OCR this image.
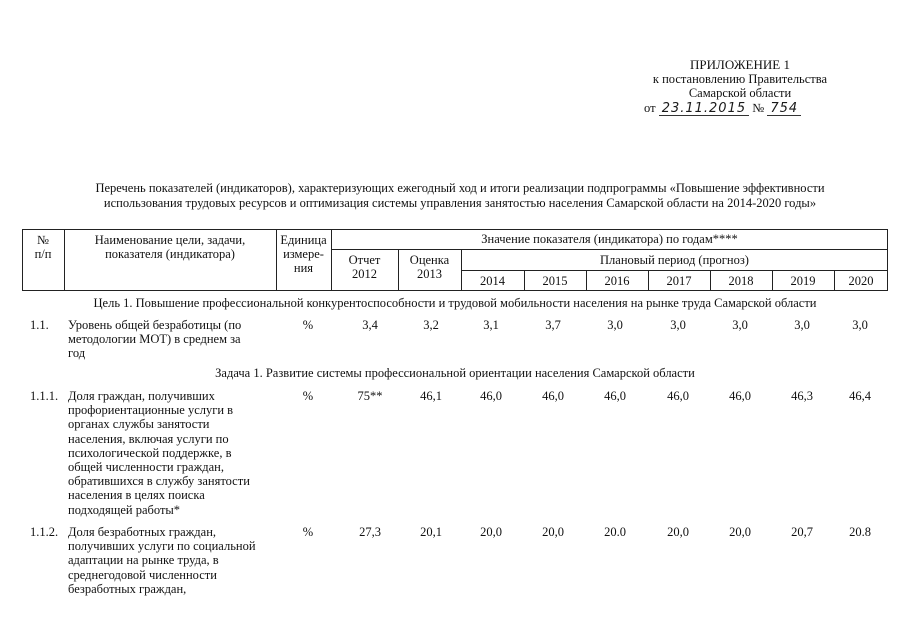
ПРИЛОЖЕНИЕ 1
к постановлению Правительства
Самарской области
от 23.11.2015 № 754
Перечень показателей (индикаторов), характеризующих ежегодный ход и итоги реализации подпрограммы «Повышение эффективности
использования трудовых ресурсов и оптимизация системы управления занятостью населения Самарской области на 2014-2020 годы»
№
п/п
Наименование цели, задачи,
показателя (индикатора)
Единица
измере-
ния
Значение показателя (индикатора) по годам****
Отчет
2012
Оценка
2013
Плановый период (прогноз)
2014	2015	2016	2017	2018	2019	2020
Цель 1. Повышение профессиональной конкурентоспособности и трудовой мобильности населения на рынке труда Самарской области
1.1. Уровень общей безработицы (по
методологии МОТ) в среднем за
год
%	3,4	3,2	3,1	3,7	3,0	3,0	3,0	3,0	3,0
Задача 1. Развитие системы профессиональной ориентации населения Самарской области
1.1.1. Доля граждан, получивших
профориентационные услуги в
органах службы занятости
населения, включая услуги по
психологической поддержке, в
общей численности граждан,
обратившихся в службу занятости
населения в целях поиска
подходящей работы*
%	75**	46,1	46,0	46,0	46,0	46,0	46,0	46,3	46,4
1.1.2. Доля безработных граждан,
получивших услуги по социальной
адаптации на рынке труда, в
среднегодовой численности
безработных граждан,
%	27,3	20,1	20,0	20,0	20.0	20,0	20,0	20,7	20.8
